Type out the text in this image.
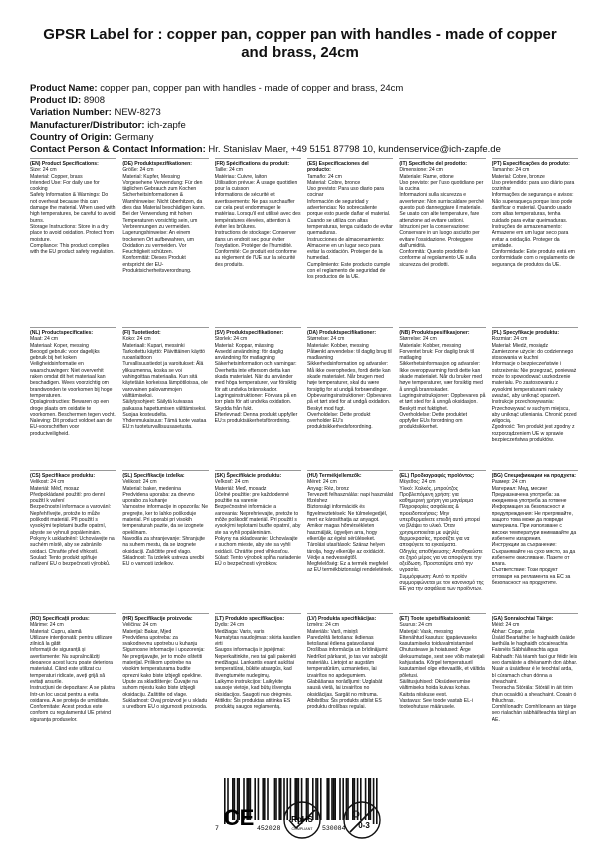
GPSR Label for : copper pan, copper pan with handles - made of copper and brass, 24cm
Product Name: copper pan, copper pan with handles - made of copper and brass, 24cm
Product ID: 8908
Variation Number: NEW-8273
Manufacturer/Distributor: ich-zapfe
Country of Origin: Germany
Contact Person & Contact Information: Hr. Stanislav Maer, +49 5151 87798 10, kundenservice@ich-zapfe.de
(EN) Product Specifications:

Size: 24 cm
Material: Copper, brass
Intended Use: For daily use for cooking
Safety Information & Warnings: Do not overheat because this can damage the material. When used with high temperatures, be careful to avoid burns.
Storage Instructions: Store in a dry place to avoid oxidation. Protect from moisture.
Compliance: This product complies with the EU product safety regulation.

(DE) Produktspezifikationen:

Größe: 24 cm
Material: Kupfer, Messing
Vorgesehene Verwendung: Für den täglichen Gebrauch zum Kochen
Sicherheitsinformationen & Warnhinweise: Nicht überhitzen, da dies das Material beschädigen kann. Bei der Verwendung mit hohen Temperaturen vorsichtig sein, um Verbrennungen zu vermeiden.
Lagerungshinweise: An einem trockenen Ort aufbewahren, um Oxidation zu vermeiden. Vor Feuchtigkeit schützen.
Konformität: Dieses Produkt entspricht der EU-Produktsicherheitsverordnung.

(FR) Spécifications du produit:

Taille: 24 cm
Matériau: Cuivre, laiton
Utilisation prévue: À usage quotidien pour la cuisson
Informations de sécurité et avertissements: Ne pas surchauffer car cela peut endommager le matériau. Lorsqu'il est utilisé avec des températures élevées, attention à éviter les brûlures.
Instructions de stockage: Conserver dans un endroit sec pour éviter l'oxydation. Protéger de l'humidité.
Conformité: Ce produit est conforme au règlement de l'UE sur la sécurité des produits.

(ES) Especificaciones del producto:

Tamaño: 24 cm
Material: Cobre, bronce
Uso previsto: Para uso diario para cocinar
Información de seguridad y advertencias: No sobrecaliente porque esto puede dañar el material. Cuando se utiliza con altas temperaturas, tenga cuidado de evitar quemaduras.
Instrucciones de almacenamiento: Almacene en un lugar seco para evitar la oxidación. Proteger de la humedad.
Cumplimiento: Este producto cumple con el reglamento de seguridad de los productos de la UE.

(IT) Specifiche del prodotto:

Dimensione: 24 cm
Materiale: Rame, ottone
Uso previsto: per l'uso quotidiano per la cucina
Informazioni sulla sicurezza e avvertenze: Non surriscaldare perché questo può danneggiare il materiale. Se usato con alte temperature, fare attenzione ad evitare ustioni.
Istruzioni per la conservazione: Conservare in un luogo asciutto per evitare l'ossidazione. Proteggere dall'umidità.
Conformità: Questo prodotto è conforme al regolamento UE sulla sicurezza dei prodotti.

(PT) Especificações do produto:

Tamanho: 24 cm
Material: Cobre, bronze
Uso pretendido: para uso diário para cozinhar
Informações de segurança e avisos: Não superaqueça porque isso pode danificar o material. Quando usado com altas temperaturas, tenha cuidado para evitar queimaduras.
Instruções de armazenamento: Armazene em um lugar seco para evitar a oxidação. Proteger da umidade.
Conformidade: Este produto está em conformidade com o regulamento de segurança de produtos da UE.

(NL) Productspecificaties:

Maat: 24 cm
Materiaal: Koper, messing
Beoogd gebruik: voor dagelijks gebruik bij het koken
Veiligheidsinformatie en waarschuwingen: Niet oververhit raken omdat dit het materiaal kan beschadigen. Wees voorzichtig om brandwonden te voorkomen bij hoge temperaturen.
Opslaginstructies: Bewaren op een droge plaats om oxidatie te voorkomen. Beschermen tegen vocht.
Naleving: Dit product voldoet aan de EU-voorschriften voor productveiligheid.

(FI) Tuotetiedot:

Koko: 24 cm
Materiaali: Kupari, messinki
Tarkoitettu käyttö: Päivittäinen käyttö ruoanlaittoon
Turvallisuustiedot ja varoitukset: Älä ylikuumenna, koska se voi vahingoittaa materiaalia. Kun sitä käytetään korkeissa lämpötiloissa, ole varovainen palovammojen välttämiseksi.
Säilytysohjeet: Säilytä kuivassa paikassa hapettumisen välttämiseksi. Suojaa kosteudelta.
Yhdenmukaisuus: Tämä tuote vastaa EU:n tuoteturvallisuusasetusta.

(SV) Produktspecifikationer:

Storlek: 24 cm
Material: Koppar, mässing
Avsedd användning: för daglig användning för matlagning
Säkerhetsinformation och varningar: Överhetta inte eftersom detta kan skada materialet. När du använder med höga temperaturer, var försiktig för att undvika brännskador.
Lagringsinstruktioner: Förvara på en torr plats för att undvika oxidation. Skydda från fukt.
Efterlevnad: Denna produkt uppfyller EU:s produktsäkerhetsförordning.

(DA) Produktspecifikationer:

Størrelse: 24 cm
Materiale: Kobber, messing
Påtænkt anvendelse: til daglig brug til madlavning
Sikkerhedsinformation og advarsler: Må ikke overophedes, fordi dette kan skade materialet. Når brugen med høje temperaturer, skal du være forsigtig for at undgå forbrændinger.
Opbevaringsinstruktioner: Opbevares på et tørt sted for at undgå oxidation. Beskyt mod fugt.
Overholdelse: Dette produkt overholder EU's produktsikkerhedsforordning.

(NB) Produktspesifikasjoner:

Størrelse: 24 cm
Materiale: Kobber, messing
Forventet bruk: For daglig bruk til matlaging
Sikkerhetsinformasjon og advarsler: Ikke overoppvarming fordi dette kan skade materialet. Når du bruker med høye temperaturer, vær forsiktig med å unngå brannskader.
Lagringsinstruksjoner: Oppbevares på et tørt sted for å unngå oksidasjon. Beskytt mot fuktighet.
Overholdelse: Dette produktet oppfyller EUs forordning om produktsikkerhet.

(PL) Specyfikacje produktu:

Rozmiar: 24 cm
Materiał: Miedź, mosiądz
Zamierzone użycie: do codziennego stosowania w kuchni
Informacje o bezpieczeństwie i ostrzeżenia: Nie przegrzać, ponieważ może to spowodować uszkodzenie materiału. Po zastosowaniu z wysokimi temperaturami należy uważać, aby uniknąć oparzeń.
Instrukcje przechowywania: Przechowywać w suchym miejscu, aby uniknąć utleniania. Chronić przed wilgocią.
Zgodność: Ten produkt jest zgodny z rozporządzeniem UE w sprawie bezpieczeństwa produktów.

(CS) Specifikace produktu:

Velikost: 24 cm
Materiál: Měď, mosaz
Předpokládané použití: pro denní použití k vaření
Bezpečnostní informace a varování: Nepřehřívejte, protože to může poškodit materiál. Při použití s vysokými teplotami buďte opatrní, abyste se vyhnuli popáleninám.
Pokyny k uskladnění: Uchovávejte na suchém místě, aby se zabránilo oxidaci. Chraňte před vlhkostí.
Soulad: Tento produkt splňuje nařízení EU o bezpečnosti výrobků.

(SL) Specifikacije izdelka:

Velikost: 24 cm
Material: baker, medenina
Predvidena uporaba: za dnevno uporabo za kuhanje
Varnostne informacije in opozorila: Ne pregrejte, ker to lahko poškoduje material. Pri uporabi pri visokih temperaturah pazite, da se izognete opeklinam.
Navodila za shranjevanje: Shranjujte na suhem mestu, da se izognete oksidaciji. Zaščitite pred vlago.
Skladnost: Ta izdelek ustreza uredbi EU o varnosti izdelkov.

(SK) Špecifikácie produktu:

Veľkosť: 24 cm
Materiál: Meď, mosadz
Účelné použitie: pre každodenné použitie na varenie
Bezpečnostné informácie a varovania: Neprehrievajte, pretože to môže poškodiť materiál. Pri použití s vysokými teplotami buďte opatrní, aby ste sa vyhli popáleninám.
Pokyny na skladovanie: Uchovávajte v suchom mieste, aby ste sa vyhli oxidácii. Chráňte pred vlhkosťou.
Súlad: Tento výrobok spĺňa nariadenie EÚ o bezpečnosti výrobkov.

(HU) Termékjellemzők:

Méret: 24 cm
Anyag: Réz, bronz
Tervezett felhasználás: napi használat főzéshez
Biztonsági információk és figyelmeztetések: Ne túlmelegedjél, mert ez károsíthatja az anyagot. Amikor magas hőmérsékleten használják, ügyeljen arra, hogy elkerülje az égési sérüléseket.
Tárolási utasítások: Száraz helyen tárolja, hogy elkerülje az oxidációt. Védje a nedvességtől.
Megfelelőség: Ez a termék megfelel az EU termékbiztonsági rendeletének.

(EL) Προδιαγραφές προϊόντος:

Μέγεθος: 24 cm
Υλικό: Χαλκός, μπρούτζος
Προβλεπόμενη χρήση: για καθημερινή χρήση για μαγείρεμα
Πληροφορίες ασφάλειας & προειδοποιήσεις: Μην υπερθερμαίνετε επειδή αυτό μπορεί να βλάψει το υλικό. Όταν χρησιμοποιείται με υψηλές θερμοκρασίες, προσέξτε για να αποφύγετε τα εγκαύματα.
Οδηγίες αποθήκευσης: Αποθηκεύστε σε ξηρό μέρος για να αποφύγετε την οξείδωση. Προστατέψτε από την υγρασία.
Συμμόρφωση: Αυτό το προϊόν συμμορφώνεται με τον κανονισμό της ΕΕ για την ασφάλεια των προϊόντων.

(BG) Спецификации на продукта:

Размер: 24 cm
Материал: Мед, месинг
Предназначена употреба: за ежедневна употреба за готвене
Информация за безопасност и предупреждения: Не прегрявайте, защото това може да повреди материала. При използване с високи температури внимавайте да избегнете изгаряния.
Инструкции за съхранение: Съхранявайте на сухо място, за да избегнете окисляване. Пазете от влага.
Съответствие: Този продукт отговаря на регламента на ЕС за безопасност на продуктите.

(RO) Specificații produs:

Mărime: 24 cm
Material: Cupru, alamă
Utilizare intenționată: pentru utilizare zilnică la gătit
Informații de siguranță și avertismente: Nu supraîncălziți deoarece acest lucru poate deteriora materialul. Când este utilizat cu temperaturi ridicate, aveți grijă să evitați arsurile.
Instrucțiuni de depozitare: A se păstra într-un loc uscat pentru a evita oxidarea. A se proteja de umiditate.
Conformitate: Acest produs este conform cu regulamentul UE privind siguranța produselor.

(HR) Specifikacije proizvoda:

Veličina: 24 cm
Materijal: Bakar, Mjed
Predviđena upotreba: za svakodnevnu upotrebu u kuhanju
Sigurnosne informacije i upozorenja: Ne pregrijavajte, jer to može oštetiti materijal. Prilikom upotrebe na visokim temperaturama budite oprezni kako biste izbjegli opekline.
Upute za skladištenje: Čuvajte na suhom mjestu kako biste izbjegli oksidaciju. Zaštitite od vlage.
Sukladnost: Ovaj proizvod je u skladu s uredbom EU o sigurnosti proizvoda.

(LT) Produkto specifikacijos:

Dydis: 24 cm
Medžiaga: Varis, varis
Numatytas naudojimas: skirta kasdien virti
Saugos informacija ir įspėjimai: Neperkaitinkite, nes tai gali pakenkti medžiagai. Lankantis esant aukštai temperatūrai, būkite atsargūs, kad išvengtumėte nudegimų.
Laikymo instrukcijos: Laikykite sausoje vietoje, kad būtų išvengta oksidacijos. Saugoti nuo drėgmės.
Atitiktis: Šis produktas atitinka ES produktų saugos reglamentą.

(LV) Produkta specifikācijas:

Izmērs: 24 cm
Materiāls: Varš, misiņš
Paredzētā lietošana: ikdienas lietošanai ēdiena gatavošanai
Drošības informācija un brīdinājumi: Nedrīkst pārkarst, jo tas var sabojāt materiālu. Lietojot ar augstām temperatūrām, uzmanieties, lai izvairītos no apdegumiem.
Glabāšanas norādījumi: Uzglabāt sausā vietā, lai izvairītos no oksidācijas. Sargāt no mitruma.
Atbilstība: Šis produkts atbilst ES produktu drošības regulai.

(ET) Toote spetsifikatsioonid:

Suurus: 24 cm
Materjal: Vask, messing
Ettenähtud kasutus: igapäevaseks kasutamiseks toiduvalmistamisel
Ohutusteave ja hoiatused: Ärge ülekuumutage, sest see võib materjali kahjustada. Kõrgel temperatuuril kasutamisel olge ettevaatlik, et vältida põletusi.
Säilitusjuhised: Oksüdeerumise vältimiseks hoida kuivas kohas. Kaitsta niiskuse eest.
Vastavus: See toode vastab EL-i tooteohutuse määrusele.

(GA) Sonraíochtaí Táirge:

Méid: 24 cm
Ábhar: Copar, prás
Úsáid Beartaithe: le haghaidh úsáide laethúla le haghaidh cócaireachta
Faisnéis Sábháilteachta agus Rabhadh: Ná téamh faoi gur féidir leis seo damáiste a dhéanamh don ábhar. Nuair a úsáidtear é le teochtaí arda, bí cúramach chun dónna a sheachaint.
Treoracha Stórála: Stóráil in áit tirim chun ocsaídiú a sheachaint. Cosain ó fhliuchras.
Comhlíonadh: Comhlíonann an táirge seo rialachán sábháilteachta táirgí an AE.

7	452028	530084
CE	RoHS
COMPLIANT	0-3
